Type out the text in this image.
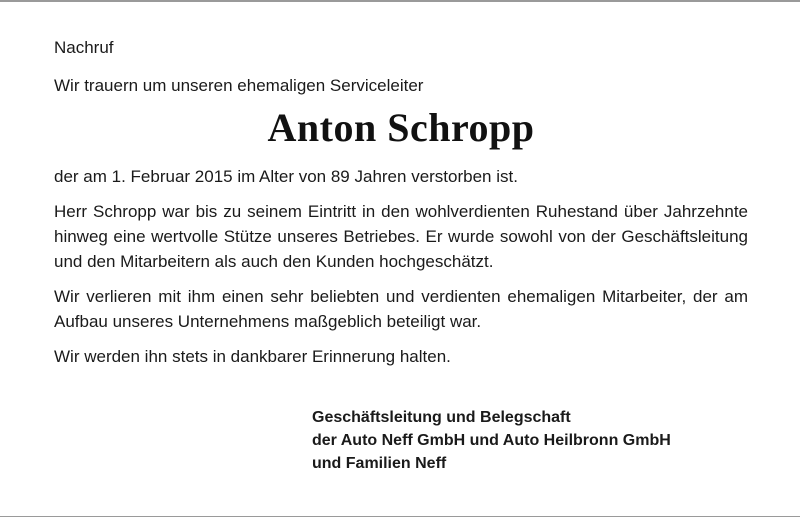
Nachruf

Wir trauern um unseren ehemaligen Serviceleiter

Anton Schropp

der am 1. Februar 2015 im Alter von 89 Jahren verstorben ist.

Herr Schropp war bis zu seinem Eintritt in den wohlverdienten Ruhestand über Jahrzehnte hinweg eine wertvolle Stütze unseres Betriebes. Er wurde sowohl von der Geschäftsleitung und den Mitarbeitern als auch den Kunden hochgeschätzt.

Wir verlieren mit ihm einen sehr beliebten und verdienten ehemaligen Mitarbeiter, der am Aufbau unseres Unternehmens maßgeblich beteiligt war.

Wir werden ihn stets in dankbarer Erinnerung halten.

Geschäftsleitung und Belegschaft
der Auto Neff GmbH und Auto Heilbronn GmbH
und Familien Neff
